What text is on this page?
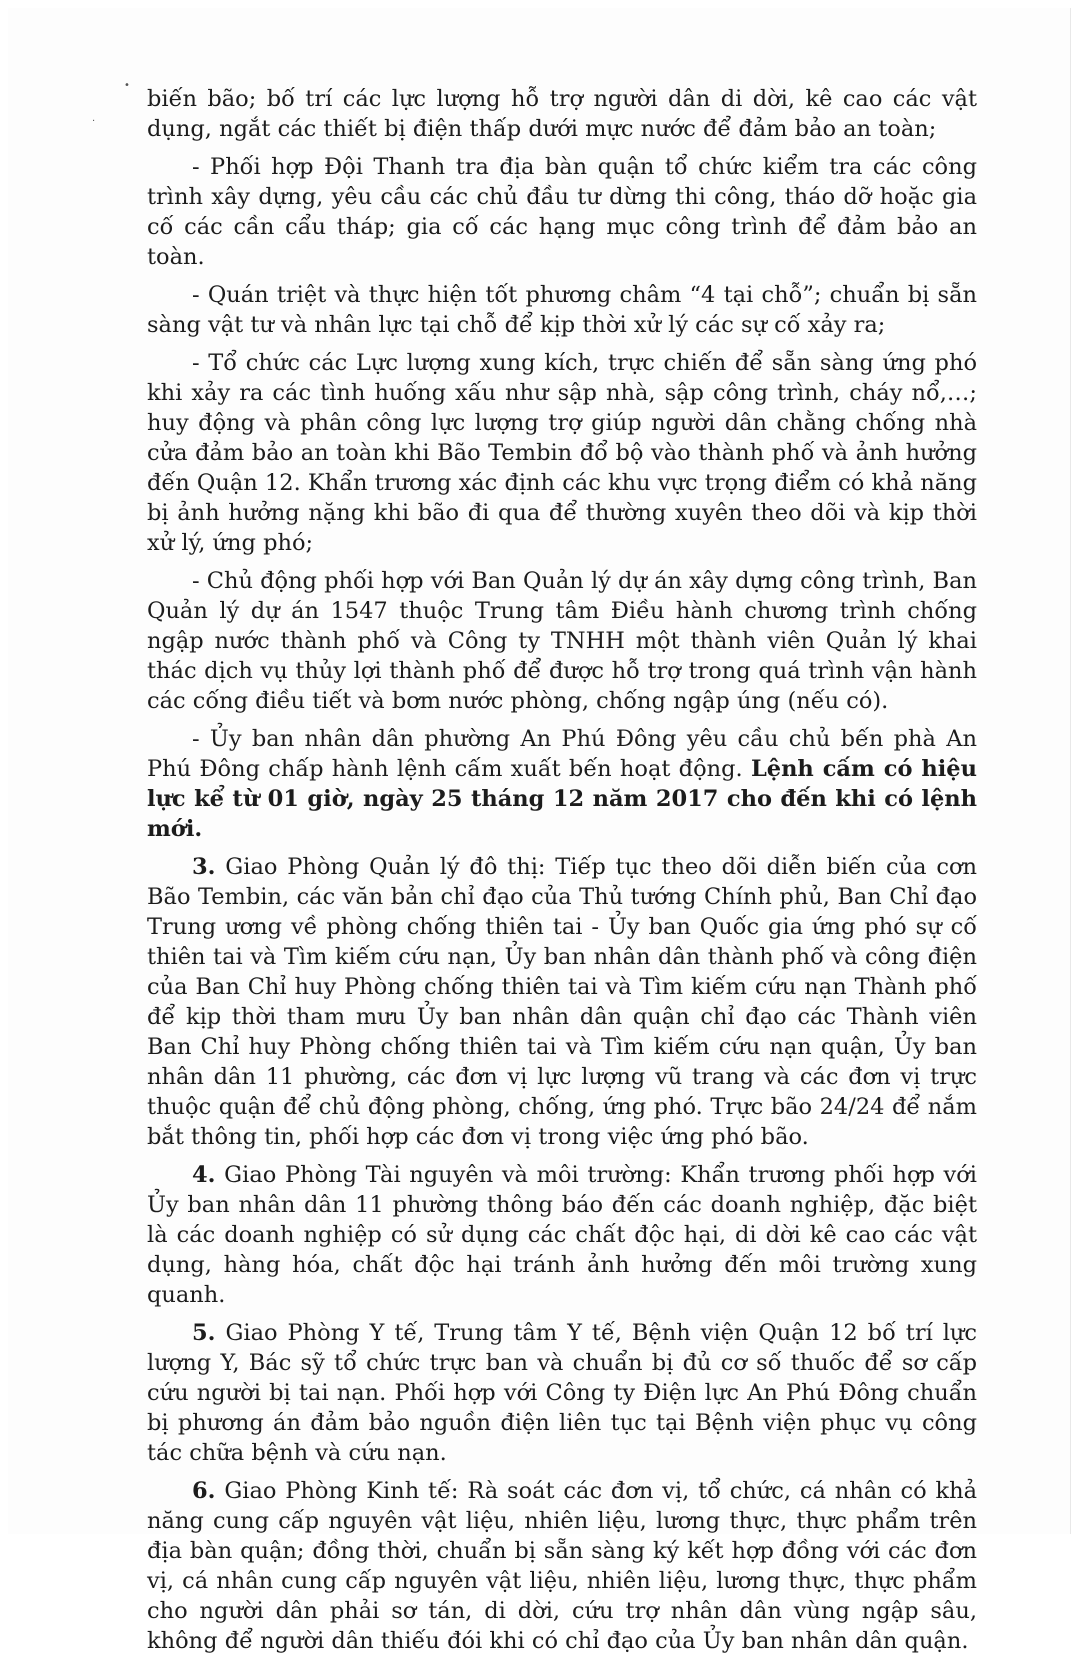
•
·

biến bão; bố trí các lực lượng hỗ trợ người dân di dời, kê cao các vật dụng, ngắt các thiết bị điện thấp dưới mực nước để đảm bảo an toàn;

- Phối hợp Đội Thanh tra địa bàn quận tổ chức kiểm tra các công trình xây dựng, yêu cầu các chủ đầu tư dừng thi công, tháo dỡ hoặc gia cố các cần cẩu tháp; gia cố các hạng mục công trình để đảm bảo an toàn.

- Quán triệt và thực hiện tốt phương châm “4 tại chỗ”; chuẩn bị sẵn sàng vật tư và nhân lực tại chỗ để kịp thời xử lý các sự cố xảy ra;

- Tổ chức các Lực lượng xung kích, trực chiến để sẵn sàng ứng phó khi xảy ra các tình huống xấu như sập nhà, sập công trình, cháy nổ,…; huy động và phân công lực lượng trợ giúp người dân chằng chống nhà cửa đảm bảo an toàn khi Bão Tembin đổ bộ vào thành phố và ảnh hưởng đến Quận 12. Khẩn trương xác định các khu vực trọng điểm có khả năng bị ảnh hưởng nặng khi bão đi qua để thường xuyên theo dõi và kịp thời xử lý, ứng phó;

- Chủ động phối hợp với Ban Quản lý dự án xây dựng công trình, Ban Quản lý dự án 1547 thuộc Trung tâm Điều hành chương trình chống ngập nước thành phố và Công ty TNHH một thành viên Quản lý khai thác dịch vụ thủy lợi thành phố để được hỗ trợ trong quá trình vận hành các cống điều tiết và bơm nước phòng, chống ngập úng (nếu có).

- Ủy ban nhân dân phường An Phú Đông yêu cầu chủ bến phà An Phú Đông chấp hành lệnh cấm xuất bến hoạt động. Lệnh cấm có hiệu lực kể từ 01 giờ, ngày 25 tháng 12 năm 2017 cho đến khi có lệnh mới.

3. Giao Phòng Quản lý đô thị: Tiếp tục theo dõi diễn biến của cơn Bão Tembin, các văn bản chỉ đạo của Thủ tướng Chính phủ, Ban Chỉ đạo Trung ương về phòng chống thiên tai - Ủy ban Quốc gia ứng phó sự cố thiên tai và Tìm kiếm cứu nạn, Ủy ban nhân dân thành phố và công điện của Ban Chỉ huy Phòng chống thiên tai và Tìm kiếm cứu nạn Thành phố để kịp thời tham mưu Ủy ban nhân dân quận chỉ đạo các Thành viên Ban Chỉ huy Phòng chống thiên tai và Tìm kiếm cứu nạn quận, Ủy ban nhân dân 11 phường, các đơn vị lực lượng vũ trang và các đơn vị trực thuộc quận để chủ động phòng, chống, ứng phó. Trực bão 24/24 để nắm bắt thông tin, phối hợp các đơn vị trong việc ứng phó bão.

4. Giao Phòng Tài nguyên và môi trường: Khẩn trương phối hợp với Ủy ban nhân dân 11 phường thông báo đến các doanh nghiệp, đặc biệt là các doanh nghiệp có sử dụng các chất độc hại, di dời kê cao các vật dụng, hàng hóa, chất độc hại tránh ảnh hưởng đến môi trường xung quanh.

5. Giao Phòng Y tế, Trung tâm Y tế, Bệnh viện Quận 12 bố trí lực lượng Y, Bác sỹ tổ chức trực ban và chuẩn bị đủ cơ số thuốc để sơ cấp cứu người bị tai nạn. Phối hợp với Công ty Điện lực An Phú Đông chuẩn bị phương án đảm bảo nguồn điện liên tục tại Bệnh viện phục vụ công tác chữa bệnh và cứu nạn.

6. Giao Phòng Kinh tế: Rà soát các đơn vị, tổ chức, cá nhân có khả năng cung cấp nguyên vật liệu, nhiên liệu, lương thực, thực phẩm trên địa bàn quận; đồng thời, chuẩn bị sẵn sàng ký kết hợp đồng với các đơn vị, cá nhân cung cấp nguyên vật liệu, nhiên liệu, lương thực, thực phẩm cho người dân phải sơ tán, di dời, cứu trợ nhân dân vùng ngập sâu, không để người dân thiếu đói khi có chỉ đạo của Ủy ban nhân dân quận.
